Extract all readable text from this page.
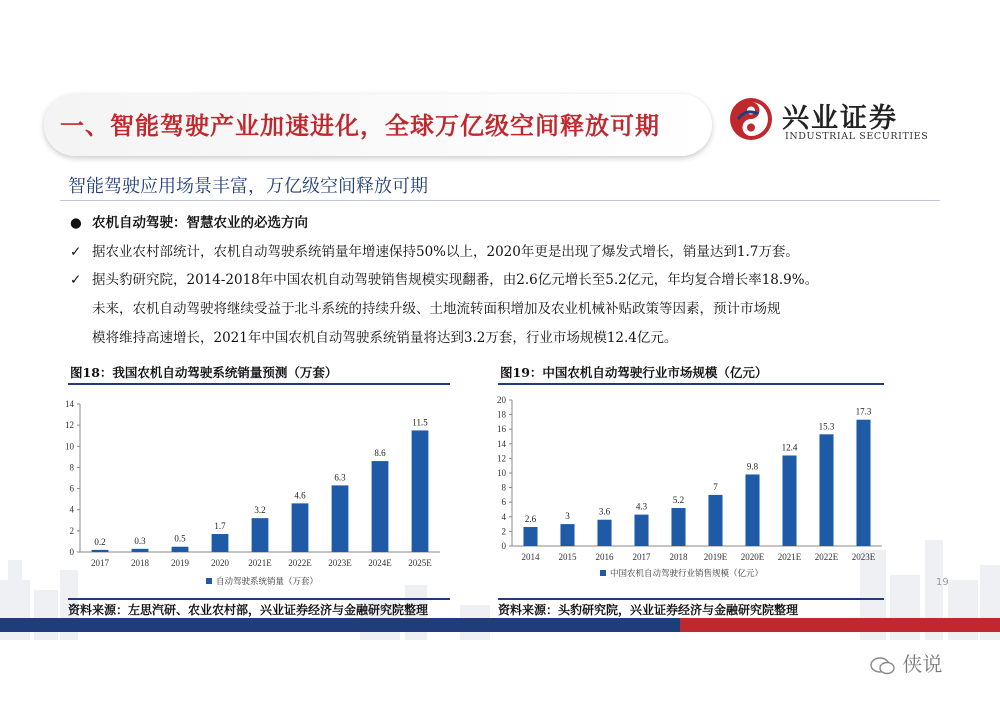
一、智能驾驶产业加速进化，全球万亿级空间释放可期	兴业证券
INDUSTRIAL SECURITIES
智能驾驶应用场景丰富，万亿级空间释放可期
● 农机自动驾驶：智慧农业的必选方向
✓ 据农业农村部统计，农机自动驾驶系统销量年增速保持50%以上，2020年更是出现了爆发式增长，销量达到1.7万套。
✓ 据头豹研究院，2014-2018年中国农机自动驾驶销售规模实现翻番，由2.6亿元增长至5.2亿元，年均复合增长率18.9%。
未来，农机自动驾驶将继续受益于北斗系统的持续升级、土地流转面积增加及农业机械补贴政策等因素，预计市场规
模将维持高速增长，2021年中国农机自动驾驶系统销量将达到3.2万套，行业市场规模12.4亿元。
图18：我国农机自动驾驶系统销量预测（万套）
0
2
4
6
8
10
12
14
0.2
2017
0.3
2018
0.5
2019
1.7
2020
3.2
2021E
4.6
2022E
6.3
2023E
8.6
2024E
11.5
2025E
自动驾驶系统销量（万套）
资料来源：左思汽研、农业农村部，兴业证券经济与金融研究院整理
图19：中国农机自动驾驶行业市场规模（亿元）
0
2
4
6
8
10
12
14
16
18
20
2.6
2014
3
2015
3.6
2016
4.3
2017
5.2
2018
7
2019E
9.8
2020E
12.4
2021E
15.3
2022E
17.3
2023E
中国农机自动驾驶行业销售规模（亿元）
资料来源：头豹研究院，兴业证券经济与金融研究院整理
19
侠说
